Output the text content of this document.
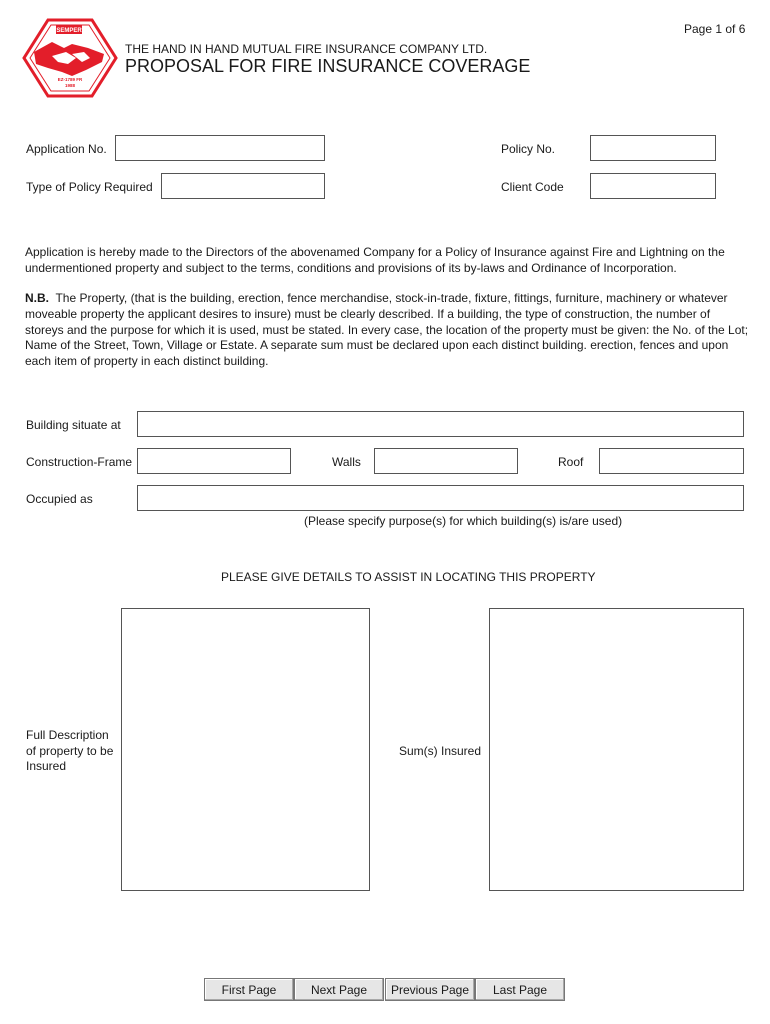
Page 1 of 6
SEMPER
EZ-1789 FR
1988
THE HAND IN HAND MUTUAL FIRE INSURANCE COMPANY LTD.
PROPOSAL FOR FIRE INSURANCE COVERAGE
Application No.	Policy No.
Type of Policy Required	Client Code
Application is hereby made to the Directors of the abovenamed Company for a Policy of Insurance against Fire and Lightning on the undermentioned property and subject to the terms, conditions and provisions of its by-laws and Ordinance of Incorporation.
N.B. The Property, (that is the building, erection, fence merchandise, stock-in-trade, fixture, fittings, furniture, machinery or whatever moveable property the applicant desires to insure) must be clearly described. If a building, the type of construction, the number of storeys and the purpose for which it is used, must be stated. In every case, the location of the property must be given: the No. of the Lot; Name of the Street, Town, Village or Estate. A separate sum must be declared upon each distinct building. erection, fences and upon each item of property in each distinct building.
Building situate at
Construction-Frame	Walls	Roof
Occupied as
(Please specify purpose(s) for which building(s) is/are used)
PLEASE GIVE DETAILS TO ASSIST IN LOCATING THIS PROPERTY
Full Description
of property to be
Insured
Sum(s) Insured
First Page	Next Page	Previous Page	Last Page
